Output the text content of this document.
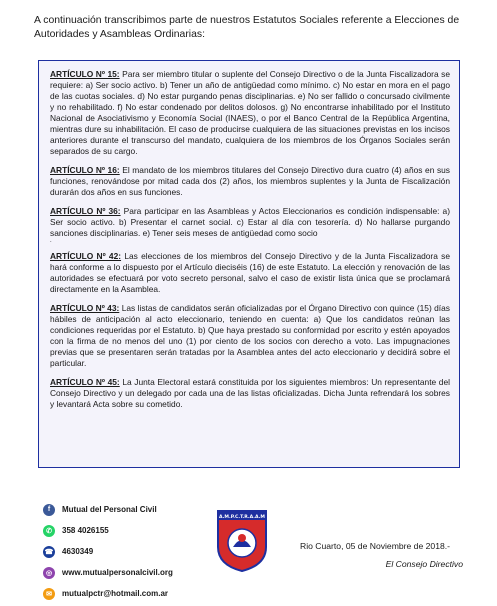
A continuación transcribimos parte de nuestros Estatutos Sociales referente a Elecciones de Autoridades y Asambleas Ordinarias:

ARTÍCULO Nº 15: Para ser miembro titular o suplente del Consejo Directivo o de la Junta Fiscalizadora se requiere: a) Ser socio activo. b) Tener un año de antigüedad como mínimo. c) No estar en mora en el pago de las cuotas sociales. d) No estar purgando penas disciplinarias. e) No ser fallido o concursado civilmente y no rehabilitado. f) No estar condenado por delitos dolosos. g) No encontrarse inhabilitado por el Instituto Nacional de Asociativismo y Economía Social (INAES), o por el Banco Central de la República Argentina, mientras dure su inhabilitación. El caso de producirse cualquiera de las situaciones previstas en los incisos anteriores durante el transcurso del mandato, cualquiera de los miembros de los Órganos Sociales serán separados de su cargo.

ARTÍCULO Nº 16: El mandato de los miembros titulares del Consejo Directivo dura cuatro (4) años en sus funciones, renovándose por mitad cada dos (2) años, los miembros suplentes y la Junta de Fiscalización durarán dos años en sus funciones.

ARTÍCULO Nº 36: Para participar en las Asambleas y Actos Eleccionarios es condición indispensable: a) Ser socio activo. b) Presentar el carnet social. c) Estar al día con tesorería. d) No hallarse purgando sanciones disciplinarias. e) Tener seis meses de antigüedad como socio
.

ARTÍCULO Nº 42: Las elecciones de los miembros del Consejo Directivo y de la Junta Fiscalizadora se hará conforme a lo dispuesto por el Artículo dieciséis (16) de este Estatuto. La elección y renovación de las autoridades se efectuará por voto secreto personal, salvo el caso de existir lista única que se proclamará directamente en la Asamblea.

ARTÍCULO Nº 43: Las listas de candidatos serán oficializadas por el Órgano Directivo con quince (15) días hábiles de anticipación al acto eleccionario, teniendo en cuenta: a) Que los candidatos reúnan las condiciones requeridas por el Estatuto. b) Que haya prestado su conformidad por escrito y estén apoyados con la firma de no menos del uno (1) por ciento de los socios con derecho a voto. Las impugnaciones previas que se presentaren serán tratadas por la Asamblea antes del acto eleccionario y decidirá sobre el particular.

ARTÍCULO Nº 45: La Junta Electoral estará constituida por los siguientes miembros: Un representante del Consejo Directivo y un delegado por cada una de las listas oficializadas. Dicha Junta refrendará los sobres y levantará Acta sobre su cometido.

f	Mutual del Personal Civil
✆	358 4026155
☎ 4630349
◎	www.mutualpersonalcivil.org
✉	mutualpctr@hotmail.com.ar
A.M.P.C.T.R.A.A.M
Rio Cuarto, 05 de Noviembre de 2018.-
El Consejo Directivo
